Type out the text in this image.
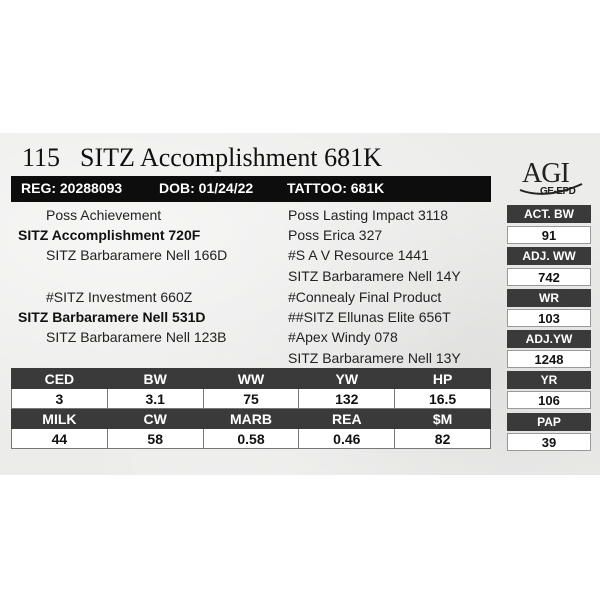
115 SITZ Accomplishment 681K
AGI
GE-EPD
REG: 20288093	DOB: 01/24/22 TATTOO: 681K
Poss Achievement
SITZ Accomplishment 720F
SITZ Barbaramere Nell 166D
#SITZ Investment 660Z
SITZ Barbaramere Nell 531D
SITZ Barbaramere Nell 123B
Poss Lasting Impact 3118
Poss Erica 327
#S A V Resource 1441
SITZ Barbaramere Nell 14Y
#Connealy Final Product
##SITZ Ellunas Elite 656T
#Apex Windy 078
SITZ Barbaramere Nell 13Y
ACT. BW
91
ADJ. WW
742
WR
103
ADJ.YW
1248
YR
106
PAP
39
CED	BW	WW	YW	HP
3	3.1	75	132	16.5
MILK	CW	MARB	REA	$M
44	58	0.58	0.46	82
